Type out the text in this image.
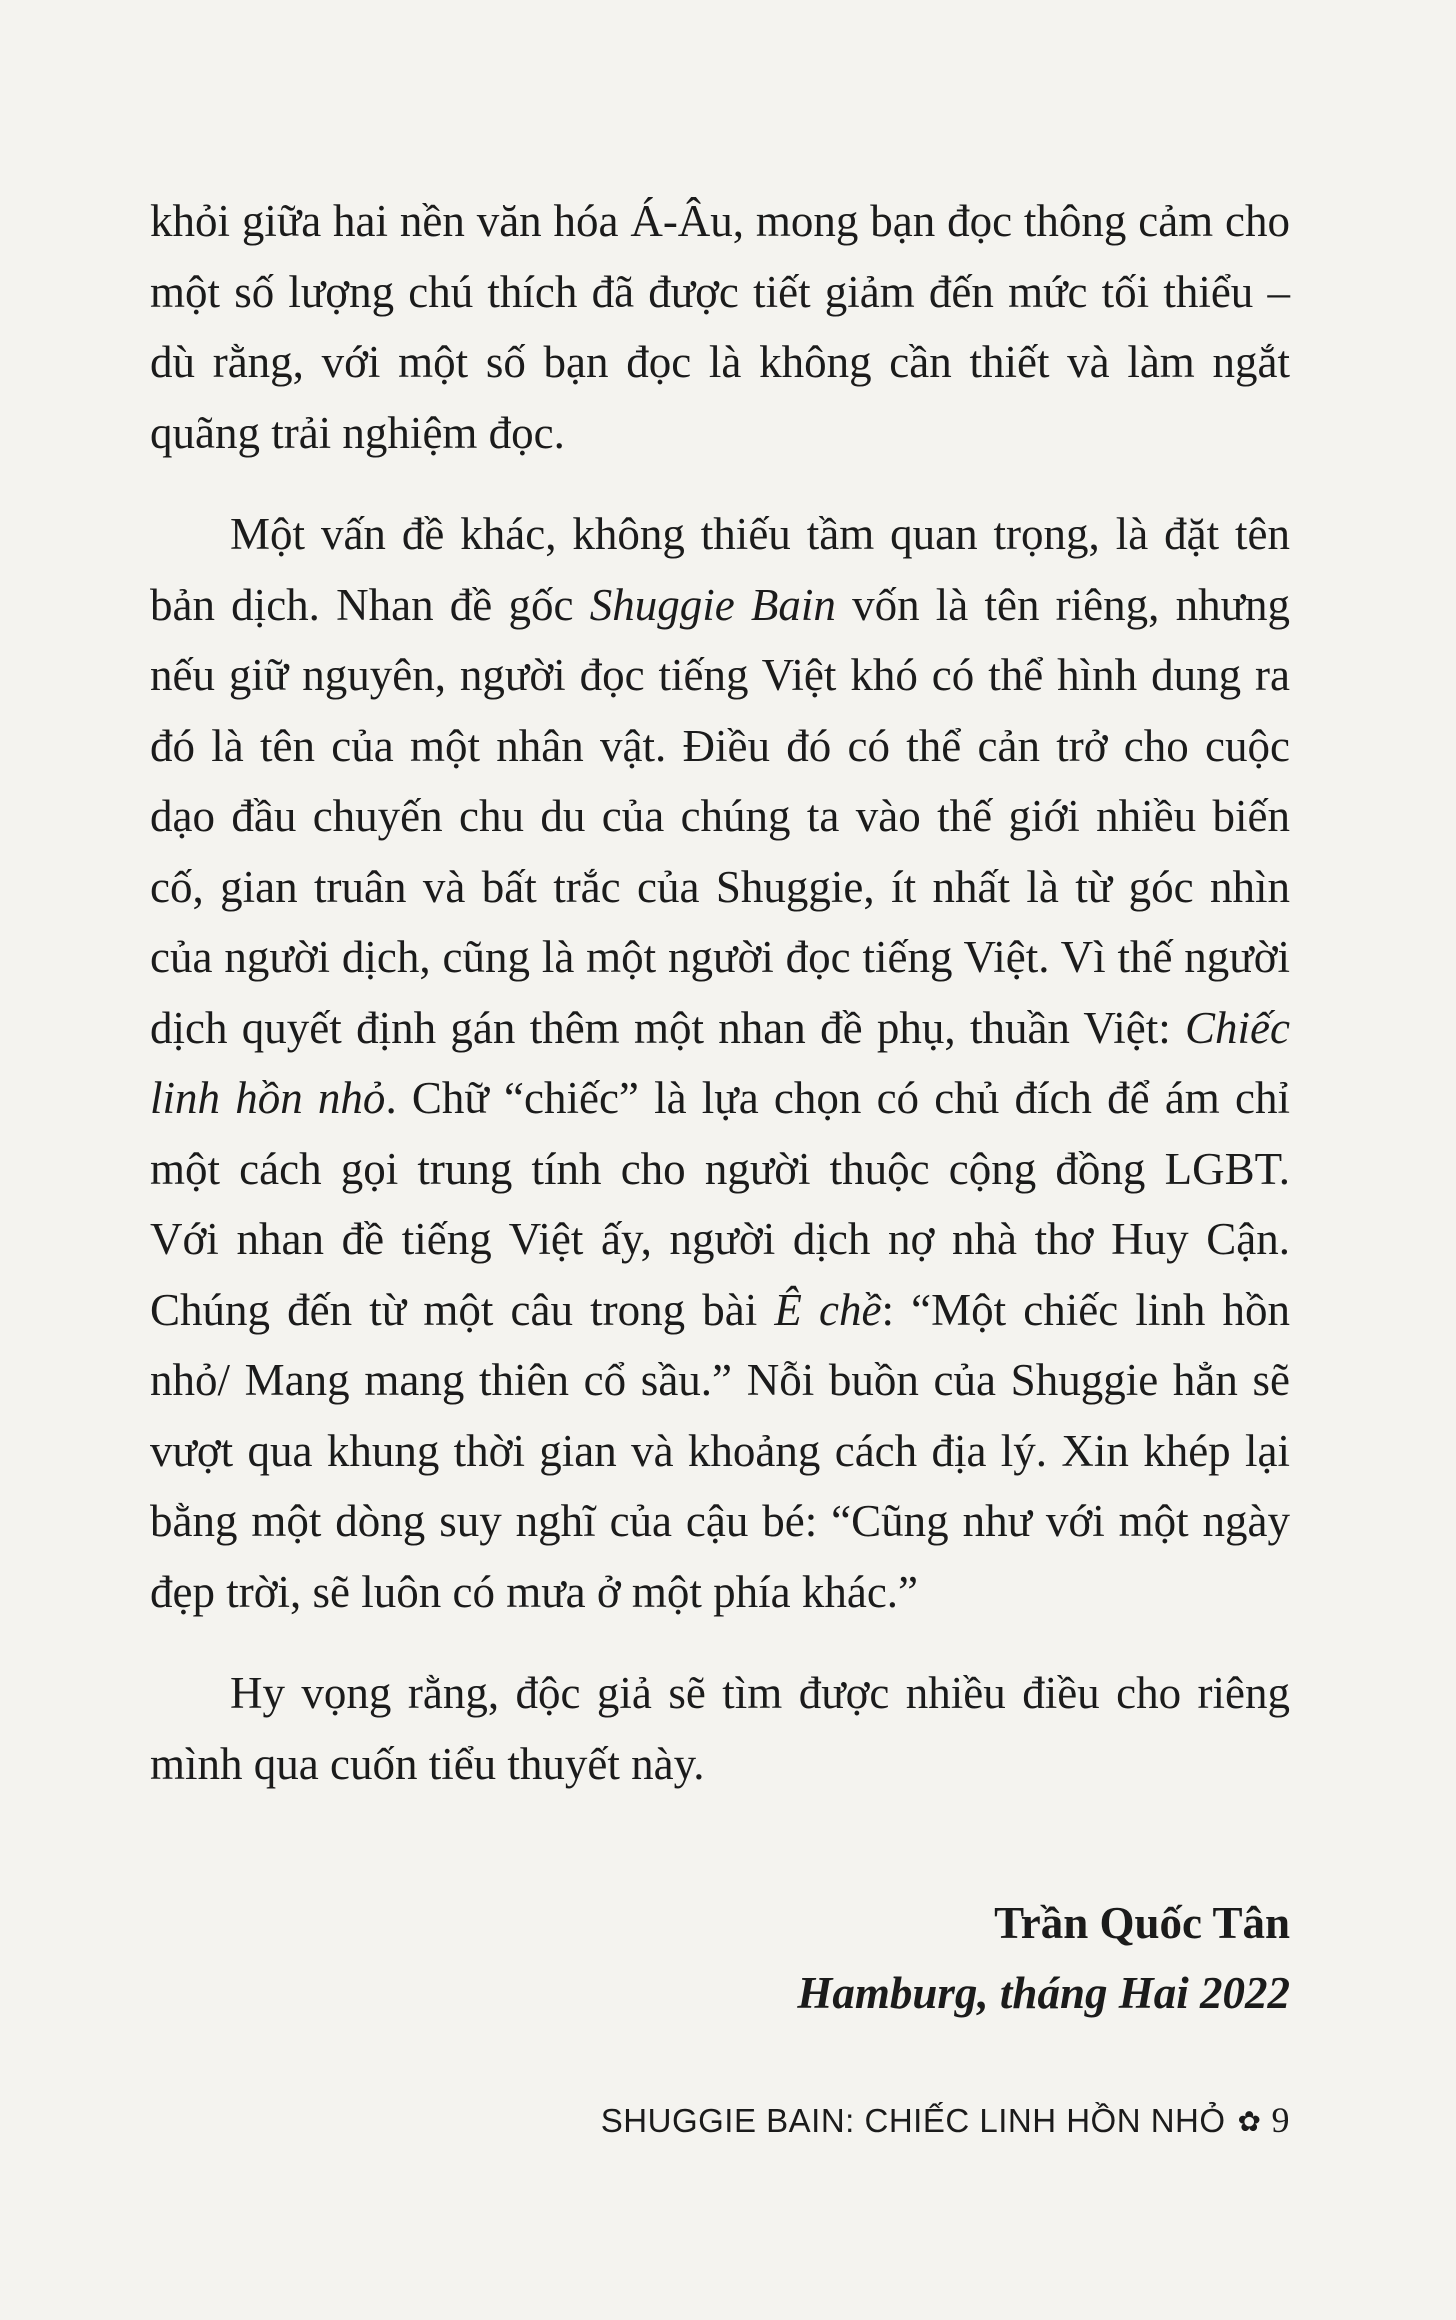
khỏi giữa hai nền văn hóa Á-Âu, mong bạn đọc thông cảm cho một số lượng chú thích đã được tiết giảm đến mức tối thiểu – dù rằng, với một số bạn đọc là không cần thiết và làm ngắt quãng trải nghiệm đọc.

Một vấn đề khác, không thiếu tầm quan trọng, là đặt tên bản dịch. Nhan đề gốc Shuggie Bain vốn là tên riêng, nhưng nếu giữ nguyên, người đọc tiếng Việt khó có thể hình dung ra đó là tên của một nhân vật. Điều đó có thể cản trở cho cuộc dạo đầu chuyến chu du của chúng ta vào thế giới nhiều biến cố, gian truân và bất trắc của Shuggie, ít nhất là từ góc nhìn của người dịch, cũng là một người đọc tiếng Việt. Vì thế người dịch quyết định gán thêm một nhan đề phụ, thuần Việt: Chiếc linh hồn nhỏ. Chữ “chiếc” là lựa chọn có chủ đích để ám chỉ một cách gọi trung tính cho người thuộc cộng đồng LGBT. Với nhan đề tiếng Việt ấy, người dịch nợ nhà thơ Huy Cận. Chúng đến từ một câu trong bài Ê chề: “Một chiếc linh hồn nhỏ/ Mang mang thiên cổ sầu.” Nỗi buồn của Shuggie hẳn sẽ vượt qua khung thời gian và khoảng cách địa lý. Xin khép lại bằng một dòng suy nghĩ của cậu bé: “Cũng như với một ngày đẹp trời, sẽ luôn có mưa ở một phía khác.”

Hy vọng rằng, độc giả sẽ tìm được nhiều điều cho riêng mình qua cuốn tiểu thuyết này.

Trần Quốc Tân
Hamburg, tháng Hai 2022
SHUGGIE BAIN: CHIẾC LINH HỒN NHỎ ✿ 9
